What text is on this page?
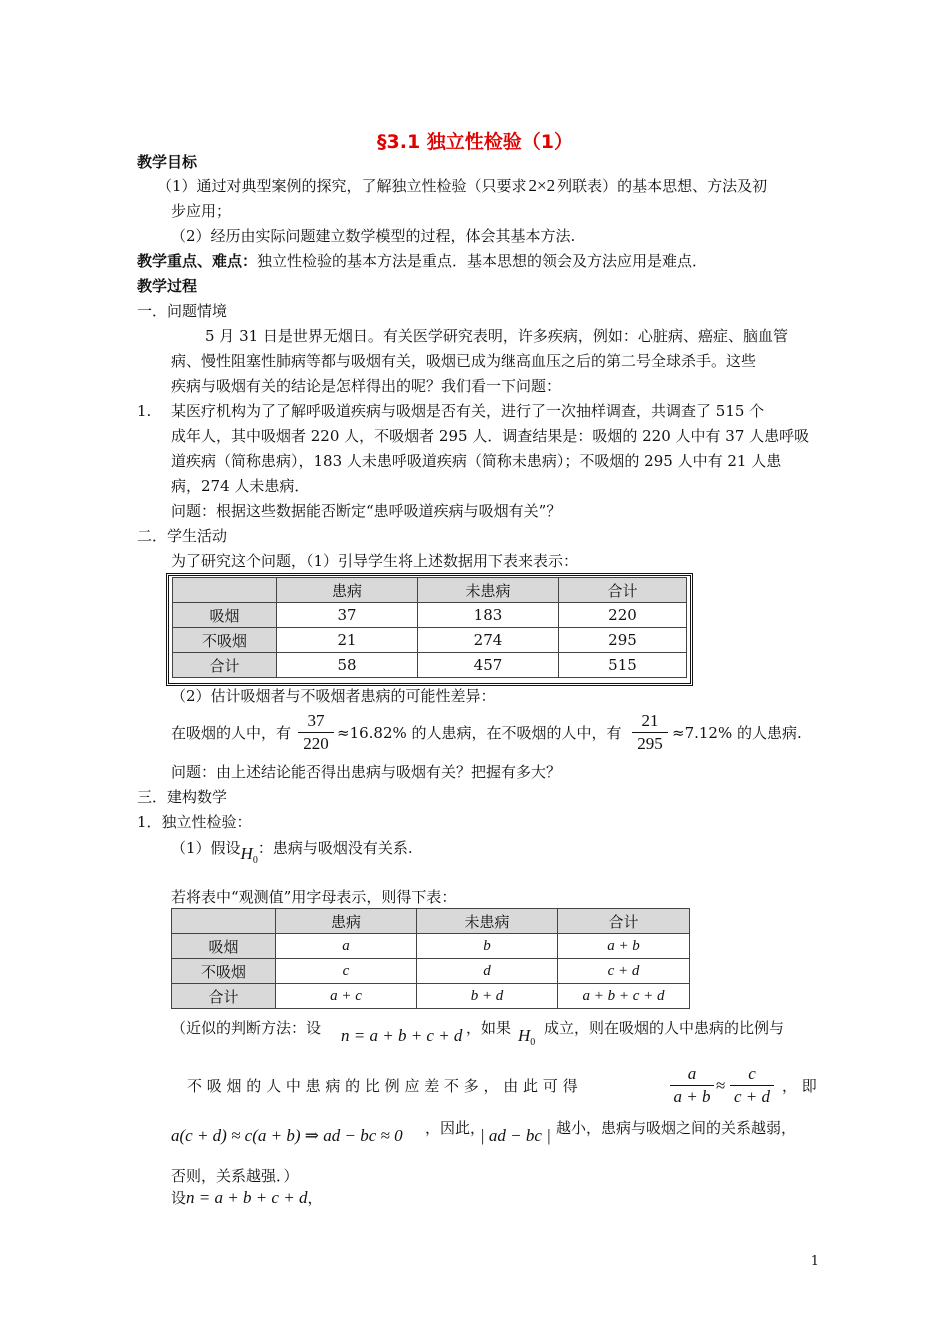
§3.1 独立性检验（1）
教学目标
（1）通过对典型案例的探究，了解独立性检验（只要求 2×2 列联表）的基本思想、方法及初
步应用；
（2）经历由实际问题建立数学模型的过程，体会其基本方法.
教学重点、难点：独立性检验的基本方法是重点．基本思想的领会及方法应用是难点．
教学过程
一．问题情境
5 月 31 日是世界无烟日。有关医学研究表明，许多疾病，例如：心脏病、癌症、脑血管
病、慢性阻塞性肺病等都与吸烟有关，吸烟已成为继高血压之后的第二号全球杀手。这些
疾病与吸烟有关的结论是怎样得出的呢？我们看一下问题：
1. 某医疗机构为了了解呼吸道疾病与吸烟是否有关，进行了一次抽样调查，共调查了 515 个
成年人，其中吸烟者 220 人，不吸烟者 295 人．调查结果是：吸烟的 220 人中有 37 人患呼吸
道疾病（简称患病），183 人未患呼吸道疾病（简称未患病）；不吸烟的 295 人中有 21 人患
病，274 人未患病．
问题：根据这些数据能否断定“患呼吸道疾病与吸烟有关”？
二．学生活动
为了研究这个问题，（1）引导学生将上述数据用下表来表示：
	患病	未患病	合计
吸烟	37	183	220
不吸烟	21	274	295
合计	58	457	515
（2）估计吸烟者与不吸烟者患病的可能性差异：
在吸烟的人中，有 $\frac{37}{220} \approx 16.82\%$ 的人患病，在不吸烟的人中，有 $\frac{21}{295} \approx 7.12\%$ 的人患病.
问题：由上述结论能否得出患病与吸烟有关？把握有多大？
三．建构数学
1．独立性检验：
（1）假设$H_0$：患病与吸烟没有关系.
若将表中“观测值”用字母表示，则得下表：
	患病	未患病	合计
吸烟	a	b	a + b
不吸烟	c	d	c + d
合计	a + c	b + d	a + b + c + d
（近似的判断方法：设 n = a + b + c + d ，如果 $H_0$
成立，则在吸烟的人中患病的比例与
不 吸 烟 的 人 中 患 病 的 比 例 应 差 不 多 ， 由 此 可 得	$\frac{a}{a + b} \approx \frac{c}{c + d}$ ， 即
a(c + d) ≈ c(a + b) ⇒ ad − bc ≈ 0 ，因此，
| ad − bc | 越小，患病与吸烟之间的关系越弱，
否则，关系越强．）
设n = a + b + c + d，
1
